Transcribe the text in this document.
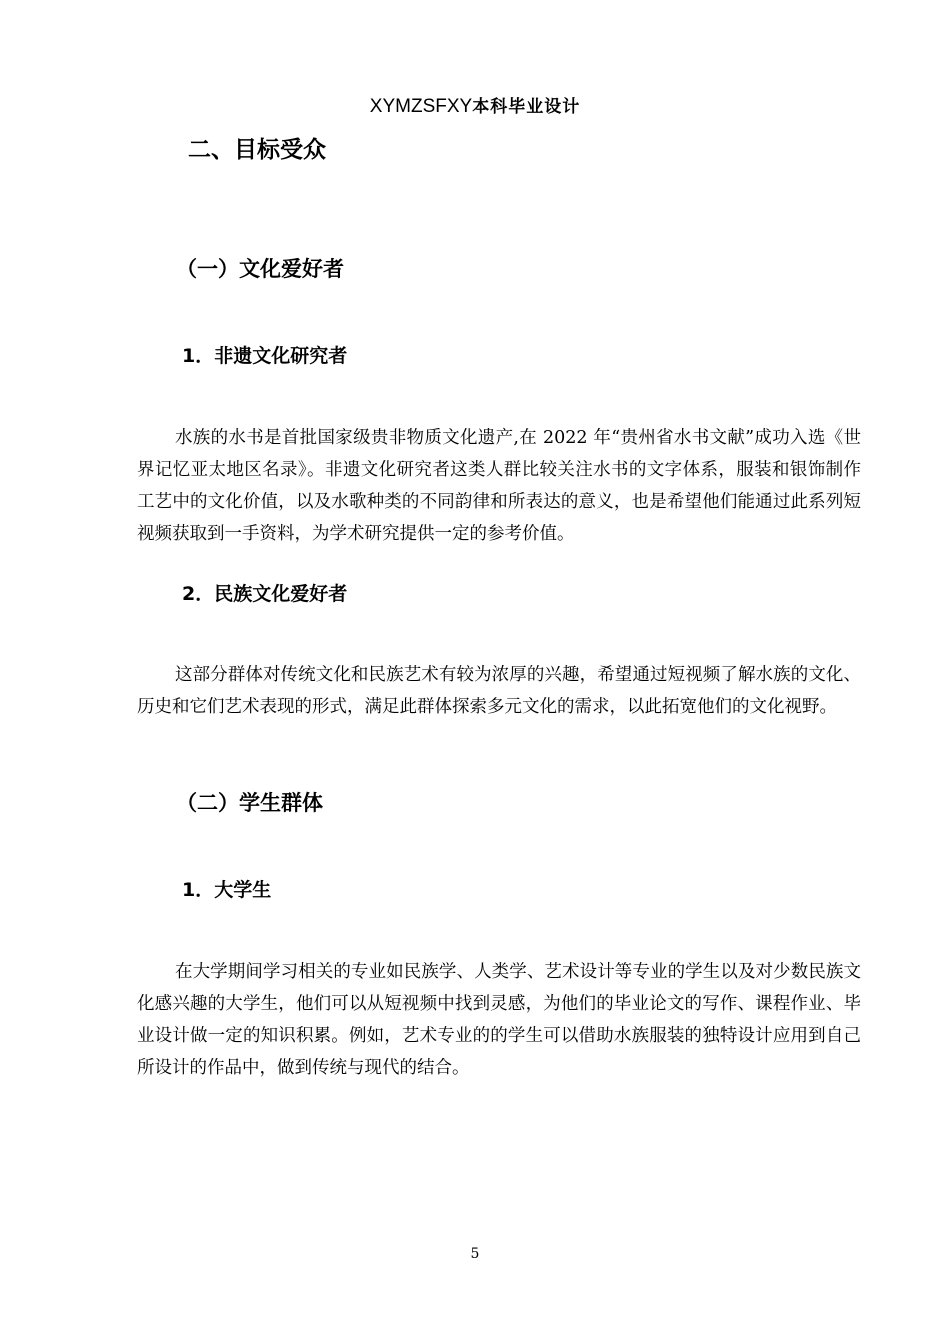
XYMZSFXY本科毕业设计
二、目标受众
（一）文化爱好者
1．非遗文化研究者
水族的水书是首批国家级贵非物质文化遗产,在 2022 年“贵州省水书文献”成功入选《世界记忆亚太地区名录》。非遗文化研究者这类人群比较关注水书的文字体系，服装和银饰制作工艺中的文化价值，以及水歌种类的不同韵律和所表达的意义，也是希望他们能通过此系列短视频获取到一手资料，为学术研究提供一定的参考价值。
2．民族文化爱好者
这部分群体对传统文化和民族艺术有较为浓厚的兴趣，希望通过短视频了解水族的文化、历史和它们艺术表现的形式，满足此群体探索多元文化的需求，以此拓宽他们的文化视野。
（二）学生群体
1．大学生
在大学期间学习相关的专业如民族学、人类学、艺术设计等专业的学生以及对少数民族文化感兴趣的大学生，他们可以从短视频中找到灵感，为他们的毕业论文的写作、课程作业、毕业设计做一定的知识积累。例如，艺术专业的的学生可以借助水族服装的独特设计应用到自己所设计的作品中，做到传统与现代的结合。
5
